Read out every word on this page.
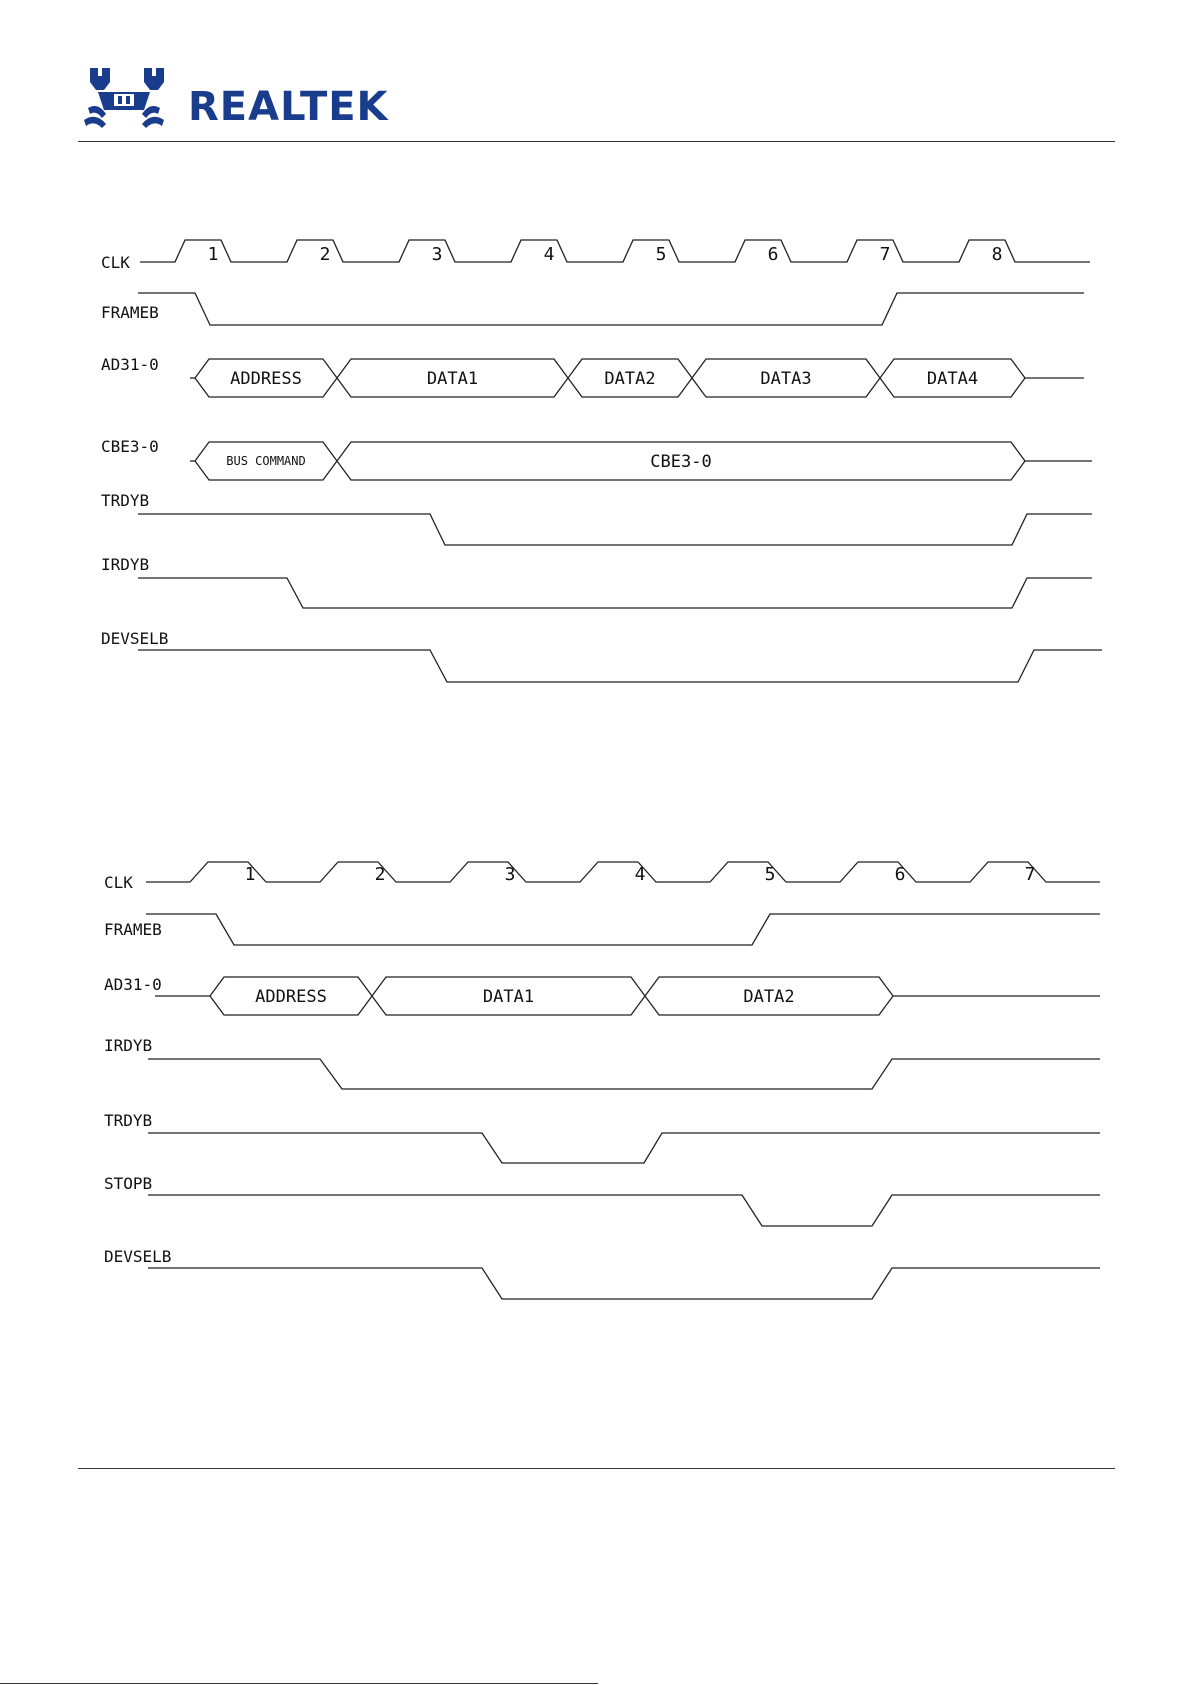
REALTEK
CLK	1	2	3	4	5	6	7	8
FRAMEB
AD31-0
ADDRESS	DATA1	DATA2	DATA3	DATA4
CBE3-0
BUS COMMAND	CBE3-0
TRDYB
IRDYB
DEVSELB
CLK	1	2	3	4	5	6	7
FRAMEB
AD31-0
ADDRESS	DATA1	DATA2
IRDYB
TRDYB
STOPB
DEVSELB
